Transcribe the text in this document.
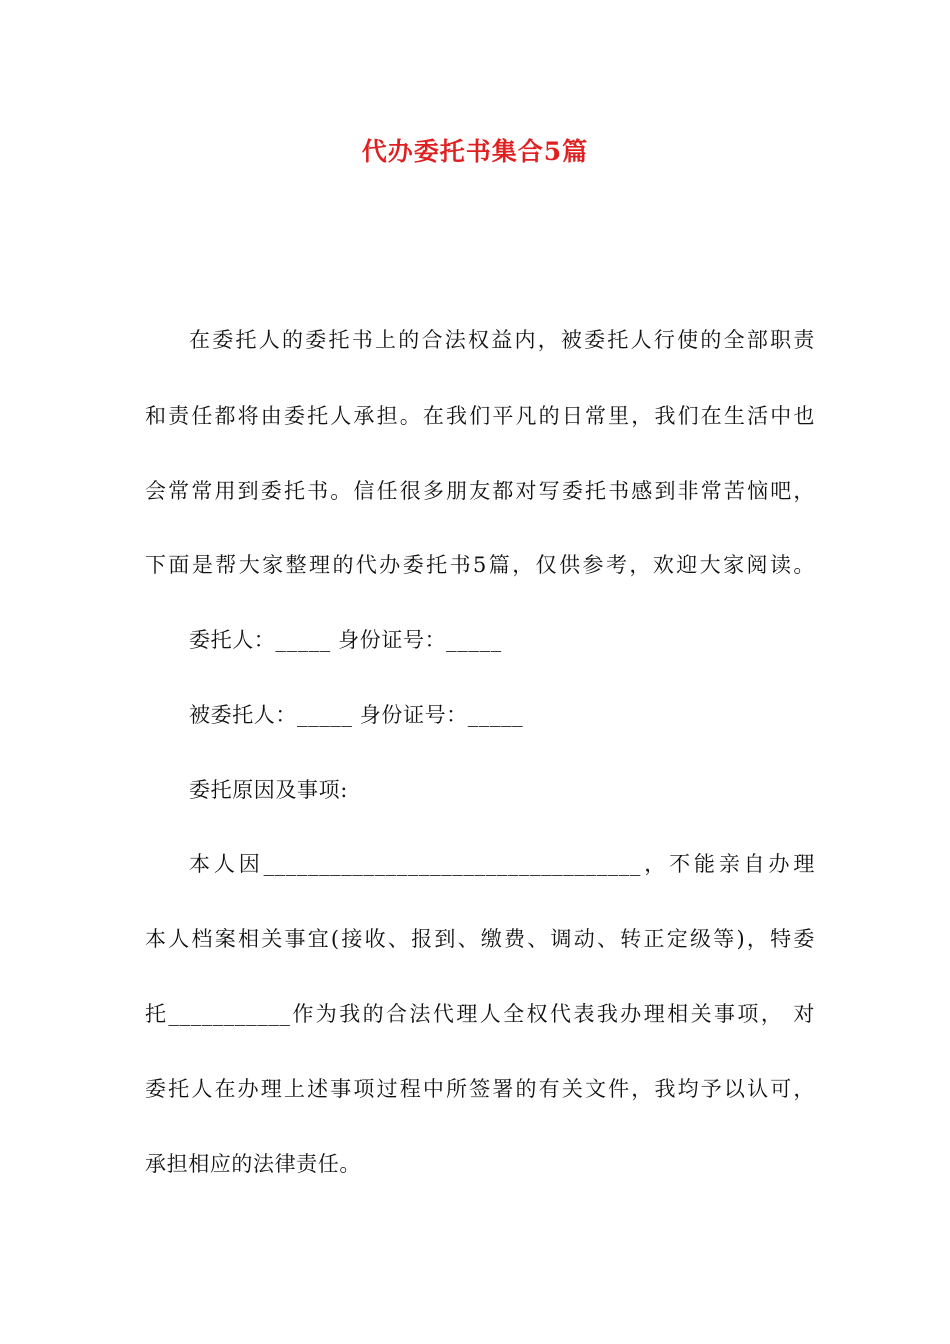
代办委托书集合5篇
在委托人的委托书上的合法权益内，被委托人行使的全部职责
和责任都将由委托人承担。在我们平凡的日常里，我们在生活中也
会常常用到委托书。信任很多朋友都对写委托书感到非常苦恼吧，
下面是帮大家整理的代办委托书5篇，仅供参考，欢迎大家阅读。
委托人：_____ 身份证号：_____
被委托人：_____ 身份证号：_____
委托原因及事项:
本人因__________________________________，不能亲自办理
本人档案相关事宜(接收、报到、缴费、调动、转正定级等)，特委
托___________作为我的合法代理人全权代表我办理相关事项， 对
委托人在办理上述事项过程中所签署的有关文件，我均予以认可，
承担相应的法律责任。
